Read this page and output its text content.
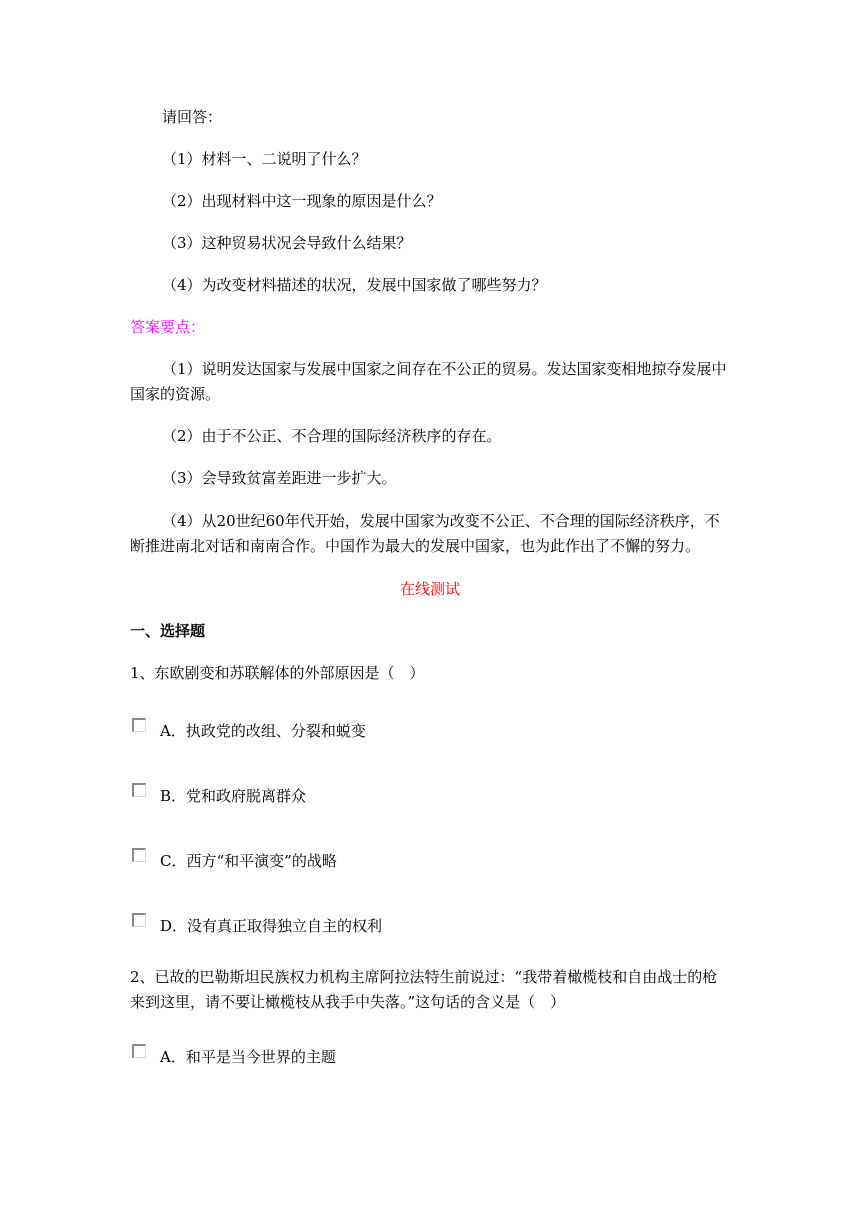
请回答：
（1）材料一、二说明了什么？
（2）出现材料中这一现象的原因是什么？
（3）这种贸易状况会导致什么结果？
（4）为改变材料描述的状况，发展中国家做了哪些努力？
答案要点：
（1）说明发达国家与发展中国家之间存在不公正的贸易。发达国家变相地掠夺发展中国家的资源。
（2）由于不公正、不合理的国际经济秩序的存在。
（3）会导致贫富差距进一步扩大。
（4）从20世纪60年代开始，发展中国家为改变不公正、不合理的国际经济秩序，不断推进南北对话和南南合作。中国作为最大的发展中国家，也为此作出了不懈的努力。
在线测试
一、选择题
1、东欧剧变和苏联解体的外部原因是（　）
A．执政党的改组、分裂和蜕变
B．党和政府脱离群众
C．西方“和平演变”的战略
D．没有真正取得独立自主的权利
2、已故的巴勒斯坦民族权力机构主席阿拉法特生前说过：“我带着橄榄枝和自由战士的枪来到这里，请不要让橄榄枝从我手中失落。”这句话的含义是（　）
A．和平是当今世界的主题
